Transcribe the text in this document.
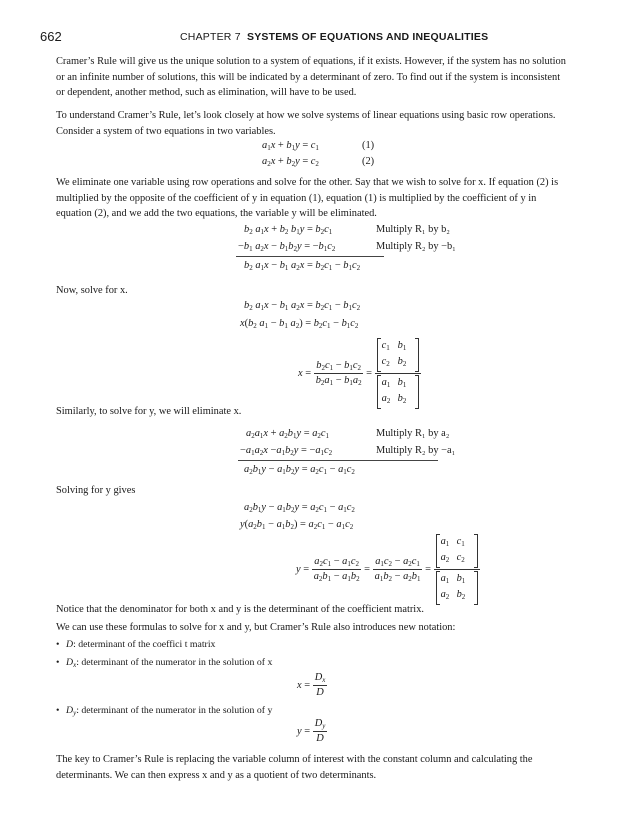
662	CHAPTER 7 SYSTEMS OF EQUATIONS AND INEQUALITIES

Cramer’s Rule will give us the unique solution to a system of equations, if it exists. However, if the system has no solution or an infinite number of solutions, this will be indicated by a determinant of zero. To find out if the system is inconsistent or dependent, another method, such as elimination, will have to be used.

To understand Cramer’s Rule, let’s look closely at how we solve systems of linear equations using basic row operations. Consider a system of two equations in two variables.

$a_1x + b_1y = c_1$	(1)
$a_2x + b_2y = c_2$	(2)

We eliminate one variable using row operations and solve for the other. Say that we wish to solve for x. If equation (2) is multiplied by the opposite of the coefficient of y in equation (1), equation (1) is multiplied by the coefficient of y in equation (2), and we add the two equations, the variable y will be eliminated.

$b_2$ $a_1x + b_2$ $b_1y = b_2c_1$	Multiply R₁ by b₂
$-b_1$ $a_2x - b_1b_2y = -b_1c_2$	Multiply R₂ by −b₁
$b_2$ $a_1x - b_1$ $a_2x = b_2c_1 - b_1c_2$

Now, solve for x.

$b_2$ $a_1x - b_1$ $a_2x = b_2c_1 - b_1c_2$
$x(b_2$ $a_1 - b_1$ $a_2) = b_2c_1 - b_1c_2$
$x = \frac{b_2c_1 - b_1c_2}{b_2a_1 - b_1a_2} = c_1$ $b_1$
$c_2$ $b_2$
$a_1$ $b_1$
$a_2$ $b_2$

Similarly, to solve for y, we will eliminate x.

$a_2a_1x + a_2b_1y = a_2c_1$	Multiply R₁ by a₂
$-a_1a_2x -a_1b_2y = -a_1c_2$	Multiply R₂ by −a₁
$a_2b_1y - a_1b_2y = a_2c_1 - a_1c_2$

Solving for y gives

$a_2b_1y - a_1b_2y = a_2c_1 - a_1c_2$
$y(a_2b_1 - a_1b_2) = a_2c_1 - a_1c_2$
$y = \frac{a_2c_1 - a_1c_2}{a_2b_1 - a_1b_2} = \frac{a_1c_2 - a_2c_1}{a_1b_2 - a_2b_1} = a_1$ $c_1$
$a_2$ $c_2$
$a_1$ $b_1$
$a_2$ $b_2$

Notice that the denominator for both x and y is the determinant of the coefficient matrix.

We can use these formulas to solve for x and y, but Cramer’s Rule also introduces new notation:

• D: determinant of the coeffici t matrix
• $D_x$: determinant of the numerator in the solution of x
$x = \frac{D_x}{D}$
• $D_y$: determinant of the numerator in the solution of y
$y = \frac{D_y}{D}$

The key to Cramer’s Rule is replacing the variable column of interest with the constant column and calculating the determinants. We can then express x and y as a quotient of two determinants.
